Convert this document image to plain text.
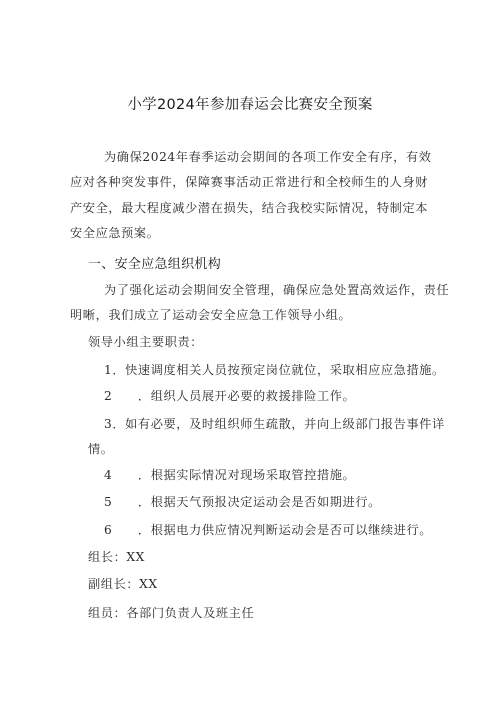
小学2024年参加春运会比赛安全预案
为确保2024年春季运动会期间的各项工作安全有序，有效
应对各种突发事件，保障赛事活动正常进行和全校师生的人身财
产安全，最大程度减少潜在损失，结合我校实际情况，特制定本
安全应急预案。
一、安全应急组织机构
为了强化运动会期间安全管理，确保应急处置高效运作，责任
明晰，我们成立了运动会安全应急工作领导小组。
领导小组主要职责：
1．快速调度相关人员按预定岗位就位，采取相应应急措施。
2　　．组织人员展开必要的救援排险工作。
3．如有必要，及时组织师生疏散，并向上级部门报告事件详
情。
4　　．根据实际情况对现场采取管控措施。
5　　．根据天气预报决定运动会是否如期进行。
6　　．根据电力供应情况判断运动会是否可以继续进行。
组长：XX
副组长：XX
组员：各部门负责人及班主任
